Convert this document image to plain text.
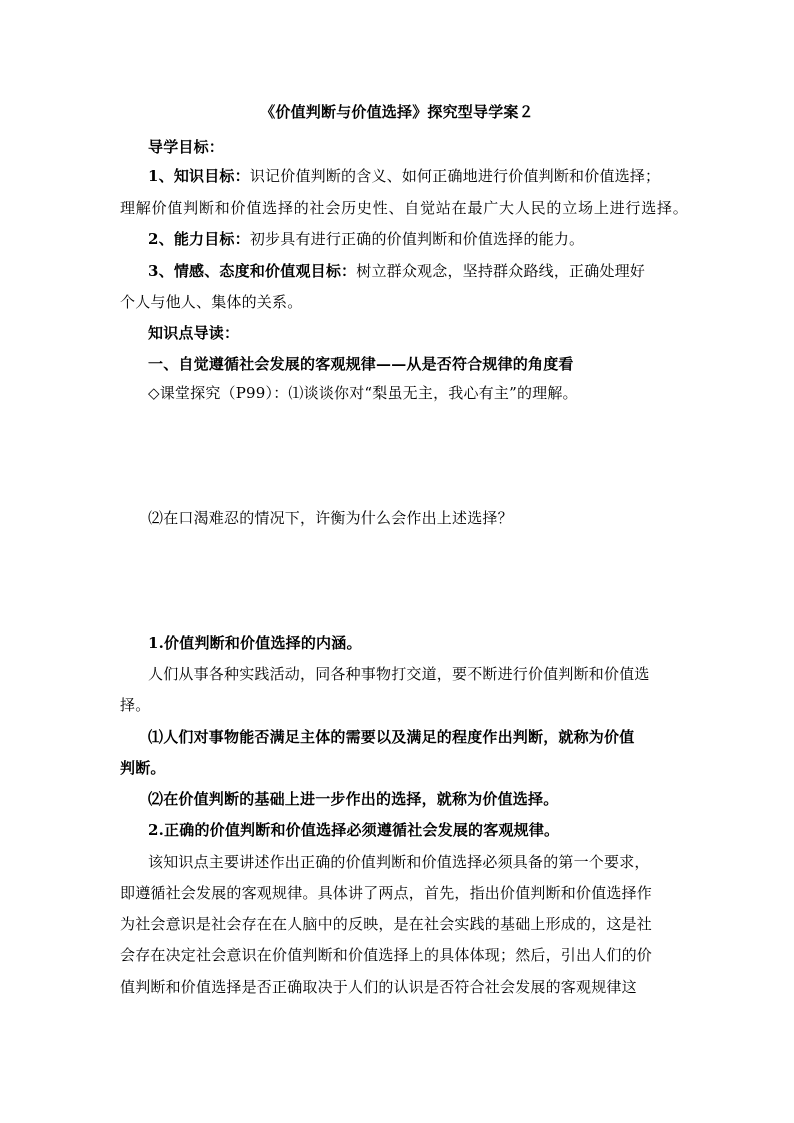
《价值判断与价值选择》探究型导学案２
导学目标：
1、知识目标：识记价值判断的含义、如何正确地进行价值判断和价值选择；
理解价值判断和价值选择的社会历史性、自觉站在最广大人民的立场上进行选择。
2、能力目标：初步具有进行正确的价值判断和价值选择的能力。
3、情感、态度和价值观目标：树立群众观念，坚持群众路线，正确处理好
个人与他人、集体的关系。
知识点导读：
一、自觉遵循社会发展的客观规律——从是否符合规律的角度看
◇课堂探究（P99）：⑴谈谈你对“梨虽无主，我心有主”的理解。
⑵在口渴难忍的情况下，许衡为什么会作出上述选择？
1.价值判断和价值选择的内涵。
人们从事各种实践活动，同各种事物打交道，要不断进行价值判断和价值选
择。
⑴人们对事物能否满足主体的需要以及满足的程度作出判断，就称为价值
判断。
⑵在价值判断的基础上进一步作出的选择，就称为价值选择。
2.正确的价值判断和价值选择必须遵循社会发展的客观规律。
该知识点主要讲述作出正确的价值判断和价值选择必须具备的第一个要求，
即遵循社会发展的客观规律。具体讲了两点，首先，指出价值判断和价值选择作
为社会意识是社会存在在人脑中的反映，是在社会实践的基础上形成的，这是社
会存在决定社会意识在价值判断和价值选择上的具体体现；然后，引出人们的价
值判断和价值选择是否正确取决于人们的认识是否符合社会发展的客观规律这
